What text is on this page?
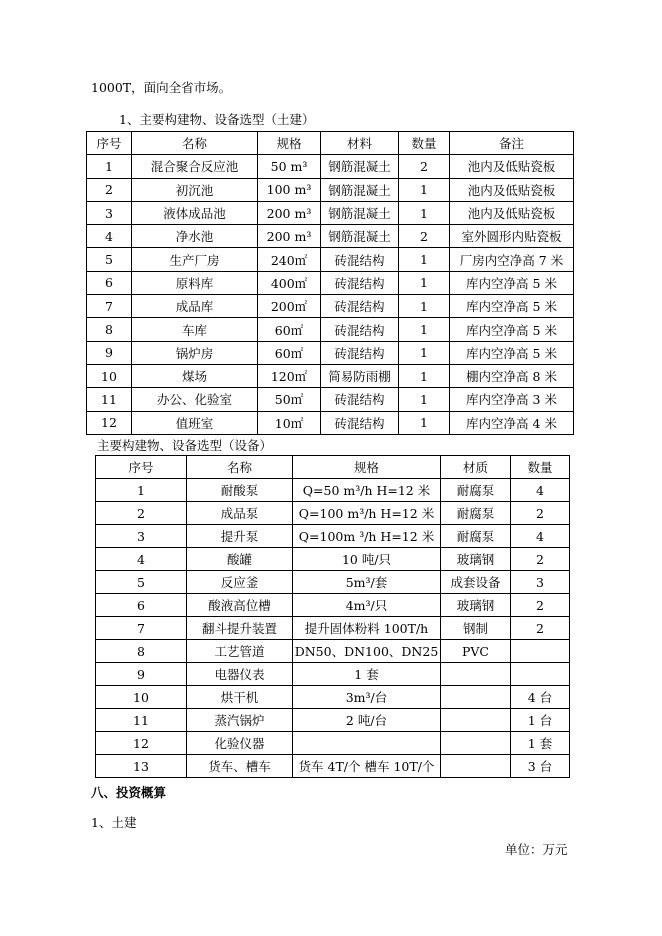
1000T，面向全省市场。
1、主要构建物、设备选型（土建）
序号	名称	规格	材料	数量	备注
1	混合聚合反应池	50 m³	钢筋混凝土	2	池内及低贴瓷板
2	初沉池	100 m³	钢筋混凝土	1	池内及低贴瓷板
3	液体成品池	200 m³	钢筋混凝土	1	池内及低贴瓷板
4	净水池	200 m³	钢筋混凝土	2	室外圆形内贴瓷板
5	生产厂房	240㎡	砖混结构	1	厂房内空净高 7 米
6	原料库	400㎡	砖混结构	1	库内空净高 5 米
7	成品库	200㎡	砖混结构	1	库内空净高 5 米
8	车库	60㎡	砖混结构	1	库内空净高 5 米
9	锅炉房	60㎡	砖混结构	1	库内空净高 5 米
10	煤场	120㎡	简易防雨棚	1	棚内空净高 8 米
11	办公、化验室	50㎡	砖混结构	1	库内空净高 3 米
12	值班室	10㎡	砖混结构	1	库内空净高 4 米
主要构建物、设备选型（设备）
序号	名称	规格	材质	数量
1	耐酸泵	Q=50 m³/h H=12 米	耐腐泵	4
2	成品泵	Q=100 m³/h H=12 米	耐腐泵	2
3	提升泵	Q=100m ³/h H=12 米	耐腐泵	4
4	酸罐	10 吨/只	玻璃钢	2
5	反应釜	5m³/套	成套设备	3
6	酸液高位槽	4m³/只	玻璃钢	2
7	翻斗提升装置	提升固体粉料 100T/h	钢制	2
8	工艺管道	DN50、DN100、DN25	PVC	
9	电器仪表	1 套		
10	烘干机	3m³/台		4 台
11	蒸汽锅炉	2 吨/台		1 台
12	化验仪器			1 套
13	货车、槽车	货车 4T/个 槽车 10T/个		3 台
八、投资概算
1、土建
单位：万元
